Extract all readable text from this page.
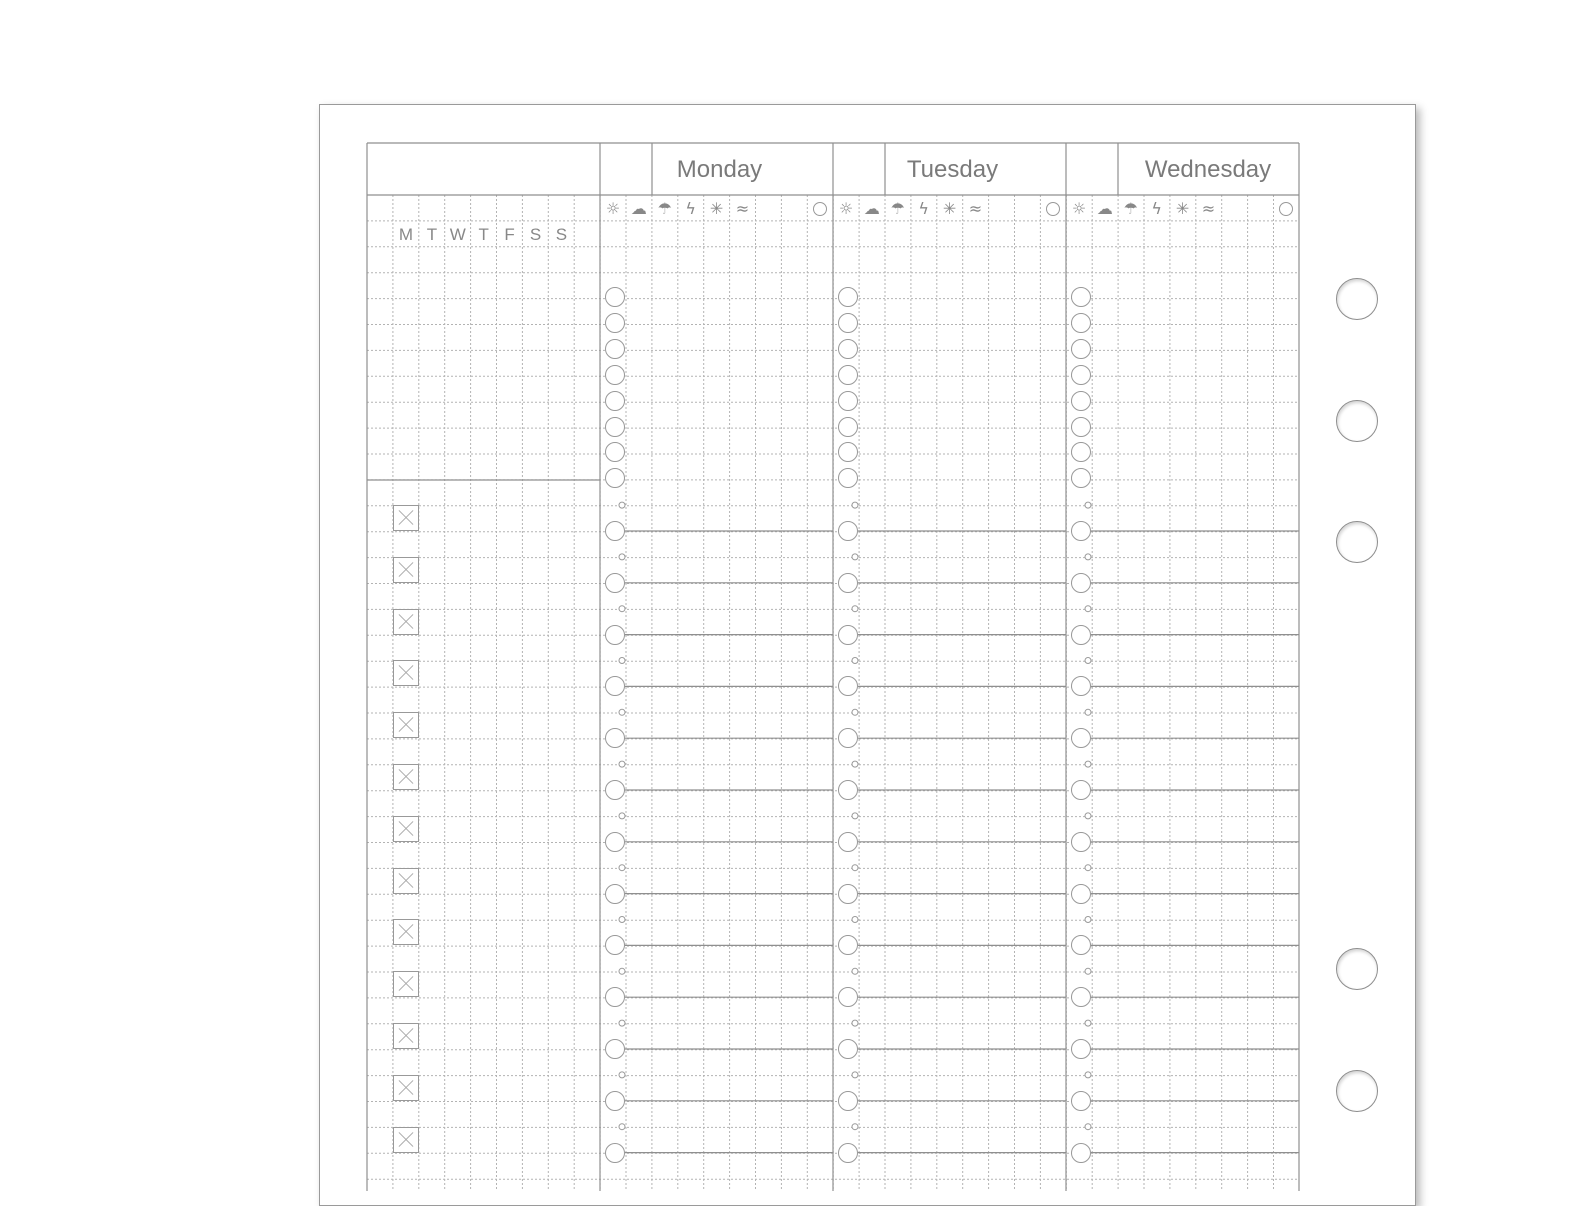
Monday	Tuesday	Wednesday
M T W T F S S
☼ ☁ ☂ ϟ ✳ ≈	☼ ☁ ☂ ϟ ✳ ≈	☼ ☁ ☂ ϟ ✳ ≈
